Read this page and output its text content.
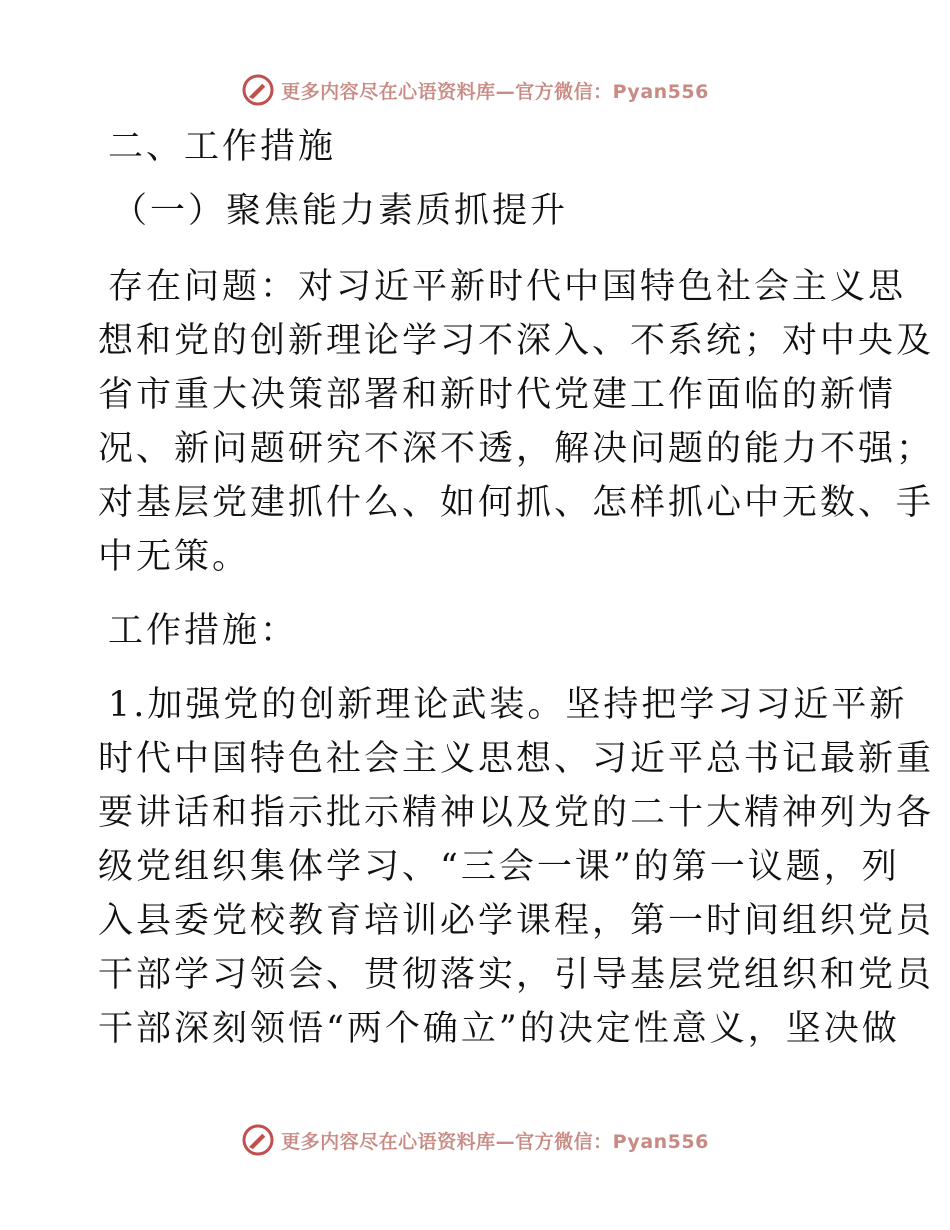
更多内容尽在心语资料库—官方微信：Pyan556
二、工作措施
（一）聚焦能力素质抓提升
存在问题：对习近平新时代中国特色社会主义思
想和党的创新理论学习不深入、不系统；对中央及
省市重大决策部署和新时代党建工作面临的新情
况、新问题研究不深不透，解决问题的能力不强；
对基层党建抓什么、如何抓、怎样抓心中无数、手
中无策。
工作措施：
1.加强党的创新理论武装。坚持把学习习近平新
时代中国特色社会主义思想、习近平总书记最新重
要讲话和指示批示精神以及党的二十大精神列为各
级党组织集体学习、“三会一课”的第一议题，列
入县委党校教育培训必学课程，第一时间组织党员
干部学习领会、贯彻落实，引导基层党组织和党员
干部深刻领悟“两个确立”的决定性意义，坚决做
更多内容尽在心语资料库—官方微信：Pyan556
